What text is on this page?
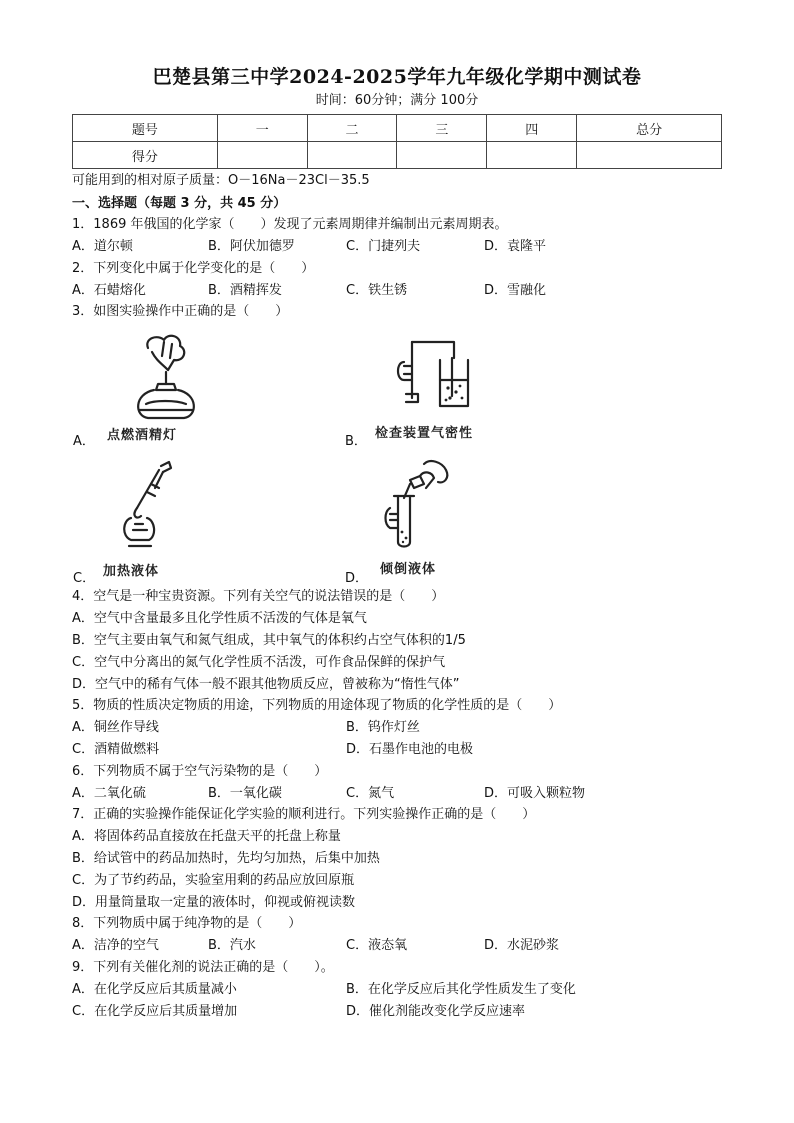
巴楚县第三中学2024-2025学年九年级化学期中测试卷
时间：60分钟；满分 100分
题号	一	二	三	四	总分
得分					
可能用到的相对原子质量：O－16Na－23Cl－35.5
一、选择题（每题 3 分，共 45 分）
1．1869 年俄国的化学家（　　）发现了元素周期律并编制出元素周期表。
A．道尔顿	B．阿伏加德罗	C．门捷列夫	D．袁隆平
2．下列变化中属于化学变化的是（　　）
A．石蜡熔化	B．酒精挥发	C．铁生锈	D．雪融化
3．如图实验操作中正确的是（　　）
点燃酒精灯
A．
检查装置气密性
B．
加热液体
C．
倾倒液体
D．
4．空气是一种宝贵资源。下列有关空气的说法错误的是（　　）
A．空气中含量最多且化学性质不活泼的气体是氧气
B．空气主要由氧气和氮气组成，其中氧气的体积约占空气体积的1/5
C．空气中分离出的氮气化学性质不活泼，可作食品保鲜的保护气
D．空气中的稀有气体一般不跟其他物质反应，曾被称为“惰性气体”
5．物质的性质决定物质的用途，下列物质的用途体现了物质的化学性质的是（　　）
A．铜丝作导线	B．钨作灯丝
C．酒精做燃料	D．石墨作电池的电极
6．下列物质不属于空气污染物的是（　　）
A．二氧化硫	B．一氧化碳	C．氮气	D．可吸入颗粒物
7．正确的实验操作能保证化学实验的顺利进行。下列实验操作正确的是（　　）
A．将固体药品直接放在托盘天平的托盘上称量
B．给试管中的药品加热时，先均匀加热，后集中加热
C．为了节约药品，实验室用剩的药品应放回原瓶
D．用量筒量取一定量的液体时，仰视或俯视读数
8．下列物质中属于纯净物的是（　　）
A．洁净的空气	B．汽水	C．液态氧	D．水泥砂浆
9．下列有关催化剂的说法正确的是（　　）。
A．在化学反应后其质量减小	B．在化学反应后其化学性质发生了变化
C．在化学反应后其质量增加	D．催化剂能改变化学反应速率
